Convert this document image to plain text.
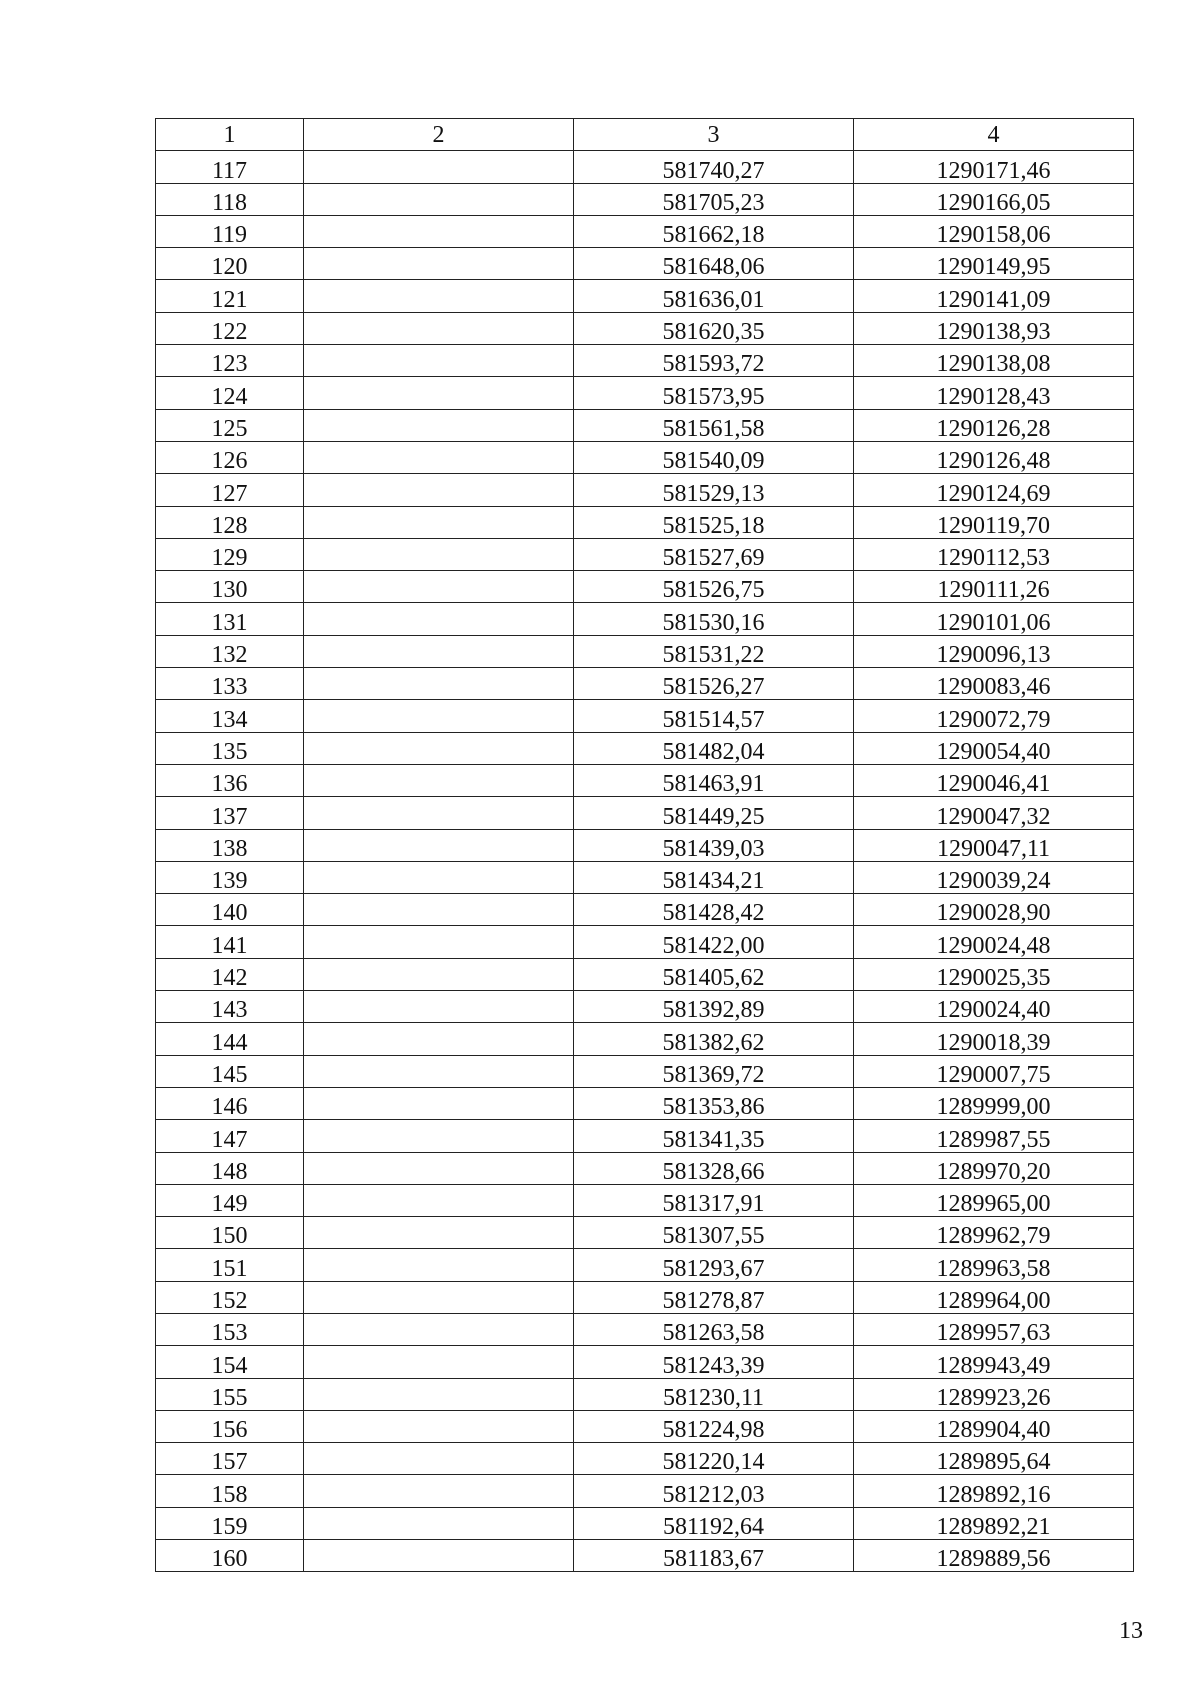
1	2	3	4
117		581740,27	1290171,46
118		581705,23	1290166,05
119		581662,18	1290158,06
120		581648,06	1290149,95
121		581636,01	1290141,09
122		581620,35	1290138,93
123		581593,72	1290138,08
124		581573,95	1290128,43
125		581561,58	1290126,28
126		581540,09	1290126,48
127		581529,13	1290124,69
128		581525,18	1290119,70
129		581527,69	1290112,53
130		581526,75	1290111,26
131		581530,16	1290101,06
132		581531,22	1290096,13
133		581526,27	1290083,46
134		581514,57	1290072,79
135		581482,04	1290054,40
136		581463,91	1290046,41
137		581449,25	1290047,32
138		581439,03	1290047,11
139		581434,21	1290039,24
140		581428,42	1290028,90
141		581422,00	1290024,48
142		581405,62	1290025,35
143		581392,89	1290024,40
144		581382,62	1290018,39
145		581369,72	1290007,75
146		581353,86	1289999,00
147		581341,35	1289987,55
148		581328,66	1289970,20
149		581317,91	1289965,00
150		581307,55	1289962,79
151		581293,67	1289963,58
152		581278,87	1289964,00
153		581263,58	1289957,63
154		581243,39	1289943,49
155		581230,11	1289923,26
156		581224,98	1289904,40
157		581220,14	1289895,64
158		581212,03	1289892,16
159		581192,64	1289892,21
160		581183,67	1289889,56
13
